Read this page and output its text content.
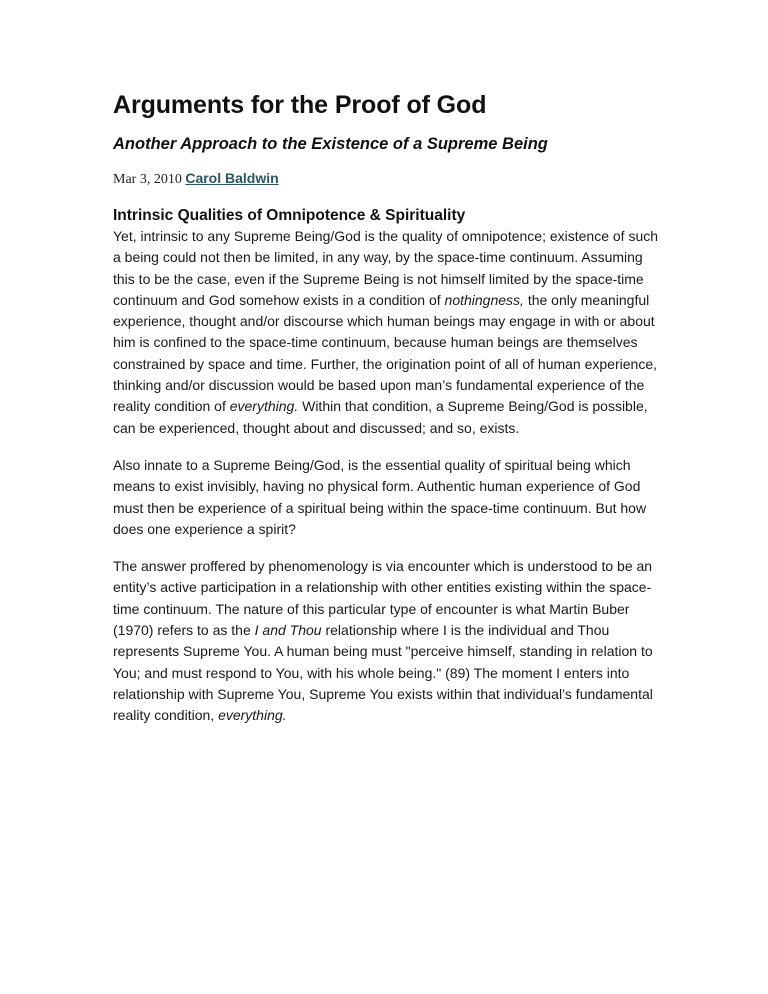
Arguments for the Proof of God
Another Approach to the Existence of a Supreme Being
Mar 3, 2010 Carol Baldwin
Intrinsic Qualities of Omnipotence & Spirituality

Yet, intrinsic to any Supreme Being/God is the quality of omnipotence; existence of such a being could not then be limited, in any way, by the space-time continuum. Assuming this to be the case, even if the Supreme Being is not himself limited by the space-time continuum and God somehow exists in a condition of nothingness, the only meaningful experience, thought and/or discourse which human beings may engage in with or about him is confined to the space-time continuum, because human beings are themselves constrained by space and time. Further, the origination point of all of human experience, thinking and/or discussion would be based upon man’s fundamental experience of the reality condition of everything. Within that condition, a Supreme Being/God is possible, can be experienced, thought about and discussed; and so, exists.

Also innate to a Supreme Being/God, is the essential quality of spiritual being which means to exist invisibly, having no physical form. Authentic human experience of God must then be experience of a spiritual being within the space-time continuum. But how does one experience a spirit?

The answer proffered by phenomenology is via encounter which is understood to be an entity’s active participation in a relationship with other entities existing within the space-time continuum. The nature of this particular type of encounter is what Martin Buber (1970) refers to as the I and Thou relationship where I is the individual and Thou represents Supreme You. A human being must "perceive himself, standing in relation to You; and must respond to You, with his whole being." (89) The moment I enters into relationship with Supreme You, Supreme You exists within that individual’s fundamental reality condition, everything.
